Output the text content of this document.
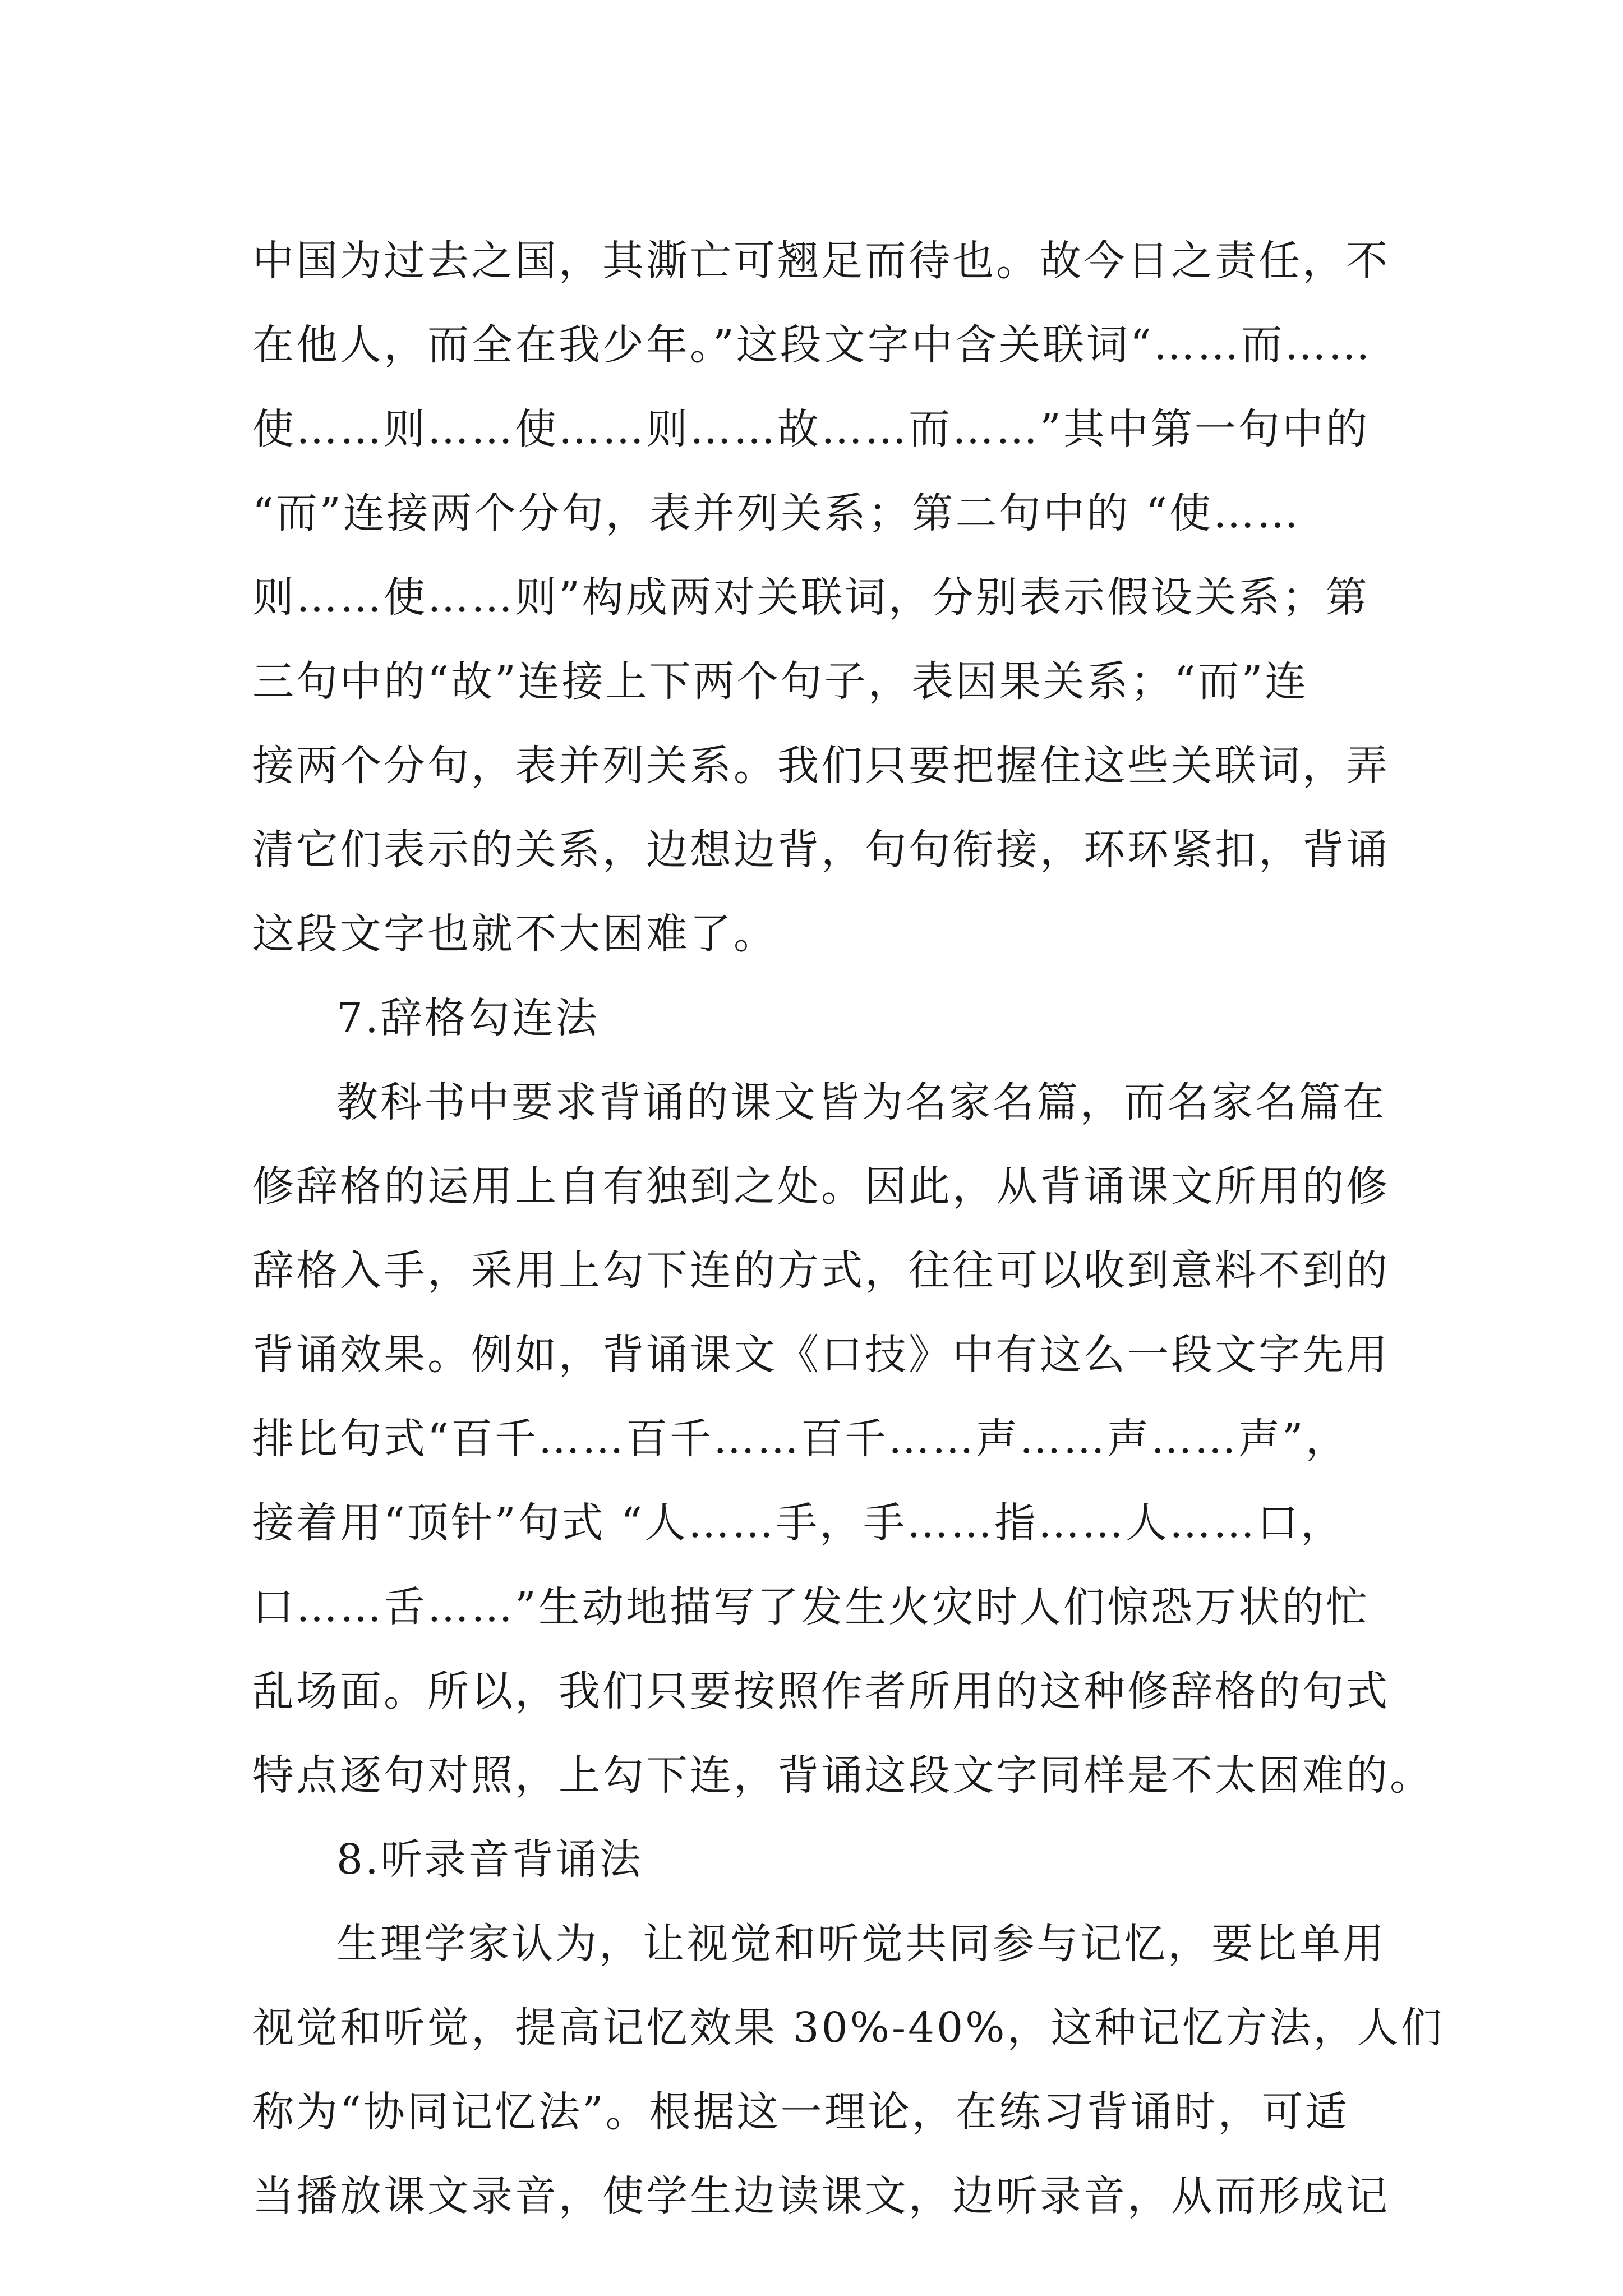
中国为过去之国，其澌亡可翘足而待也。故今日之责任，不
在他人，而全在我少年。”这段文字中含关联词“……而……
使……则……使……则……故……而……”其中第一句中的
“而”连接两个分句，表并列关系；第二句中的 “使……
则……使……则”构成两对关联词，分别表示假设关系；第
三句中的“故”连接上下两个句子，表因果关系；“而”连
接两个分句，表并列关系。我们只要把握住这些关联词，弄
清它们表示的关系，边想边背，句句衔接，环环紧扣，背诵
这段文字也就不大困难了。
7.辞格勾连法
教科书中要求背诵的课文皆为名家名篇，而名家名篇在
修辞格的运用上自有独到之处。因此，从背诵课文所用的修
辞格入手，采用上勾下连的方式，往往可以收到意料不到的
背诵效果。例如，背诵课文《口技》中有这么一段文字先用
排比句式“百千……百千……百千……声……声……声”，
接着用“顶针”句式 “人……手，手……指……人……口，
口……舌……”生动地描写了发生火灾时人们惊恐万状的忙
乱场面。所以，我们只要按照作者所用的这种修辞格的句式
特点逐句对照，上勾下连，背诵这段文字同样是不太困难的。
8.听录音背诵法
生理学家认为，让视觉和听觉共同参与记忆，要比单用
视觉和听觉，提高记忆效果 30%-40%，这种记忆方法，人们
称为“协同记忆法”。根据这一理论，在练习背诵时，可适
当播放课文录音，使学生边读课文，边听录音，从而形成记
